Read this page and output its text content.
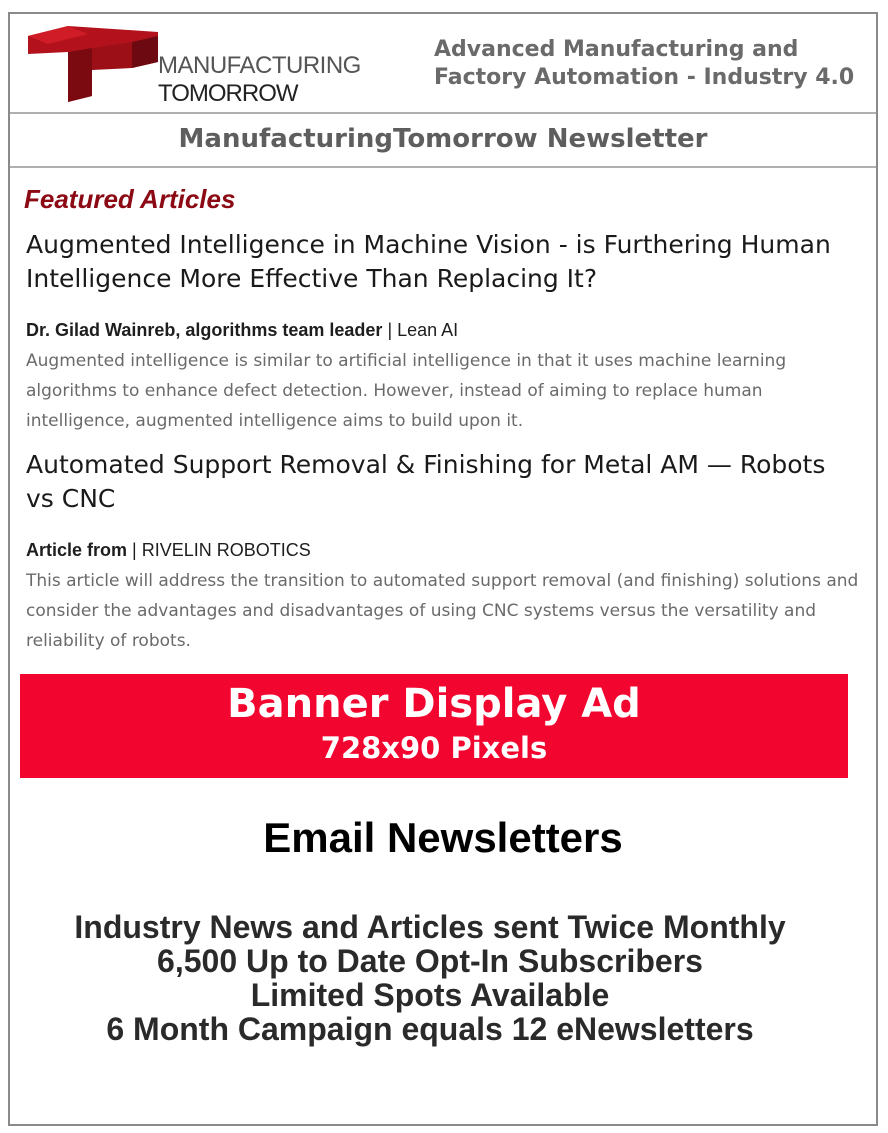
MANUFACTURING
TOMORROW
Advanced Manufacturing and
Factory Automation - Industry 4.0
ManufacturingTomorrow Newsletter
Featured Articles
Augmented Intelligence in Machine Vision - is Furthering Human Intelligence More Effective Than Replacing It?
Dr. Gilad Wainreb, algorithms team leader | Lean AI
Augmented intelligence is similar to artificial intelligence in that it uses machine learning algorithms to enhance defect detection. However, instead of aiming to replace human intelligence, augmented intelligence aims to build upon it.
Automated Support Removal & Finishing for Metal AM — Robots vs CNC
Article from | RIVELIN ROBOTICS
This article will address the transition to automated support removal (and finishing) solutions and consider the advantages and disadvantages of using CNC systems versus the versatility and reliability of robots.
Banner Display Ad
728x90 Pixels
Email Newsletters
Industry News and Articles sent Twice Monthly
6,500 Up to Date Opt-In Subscribers
Limited Spots Available
6 Month Campaign equals 12 eNewsletters
